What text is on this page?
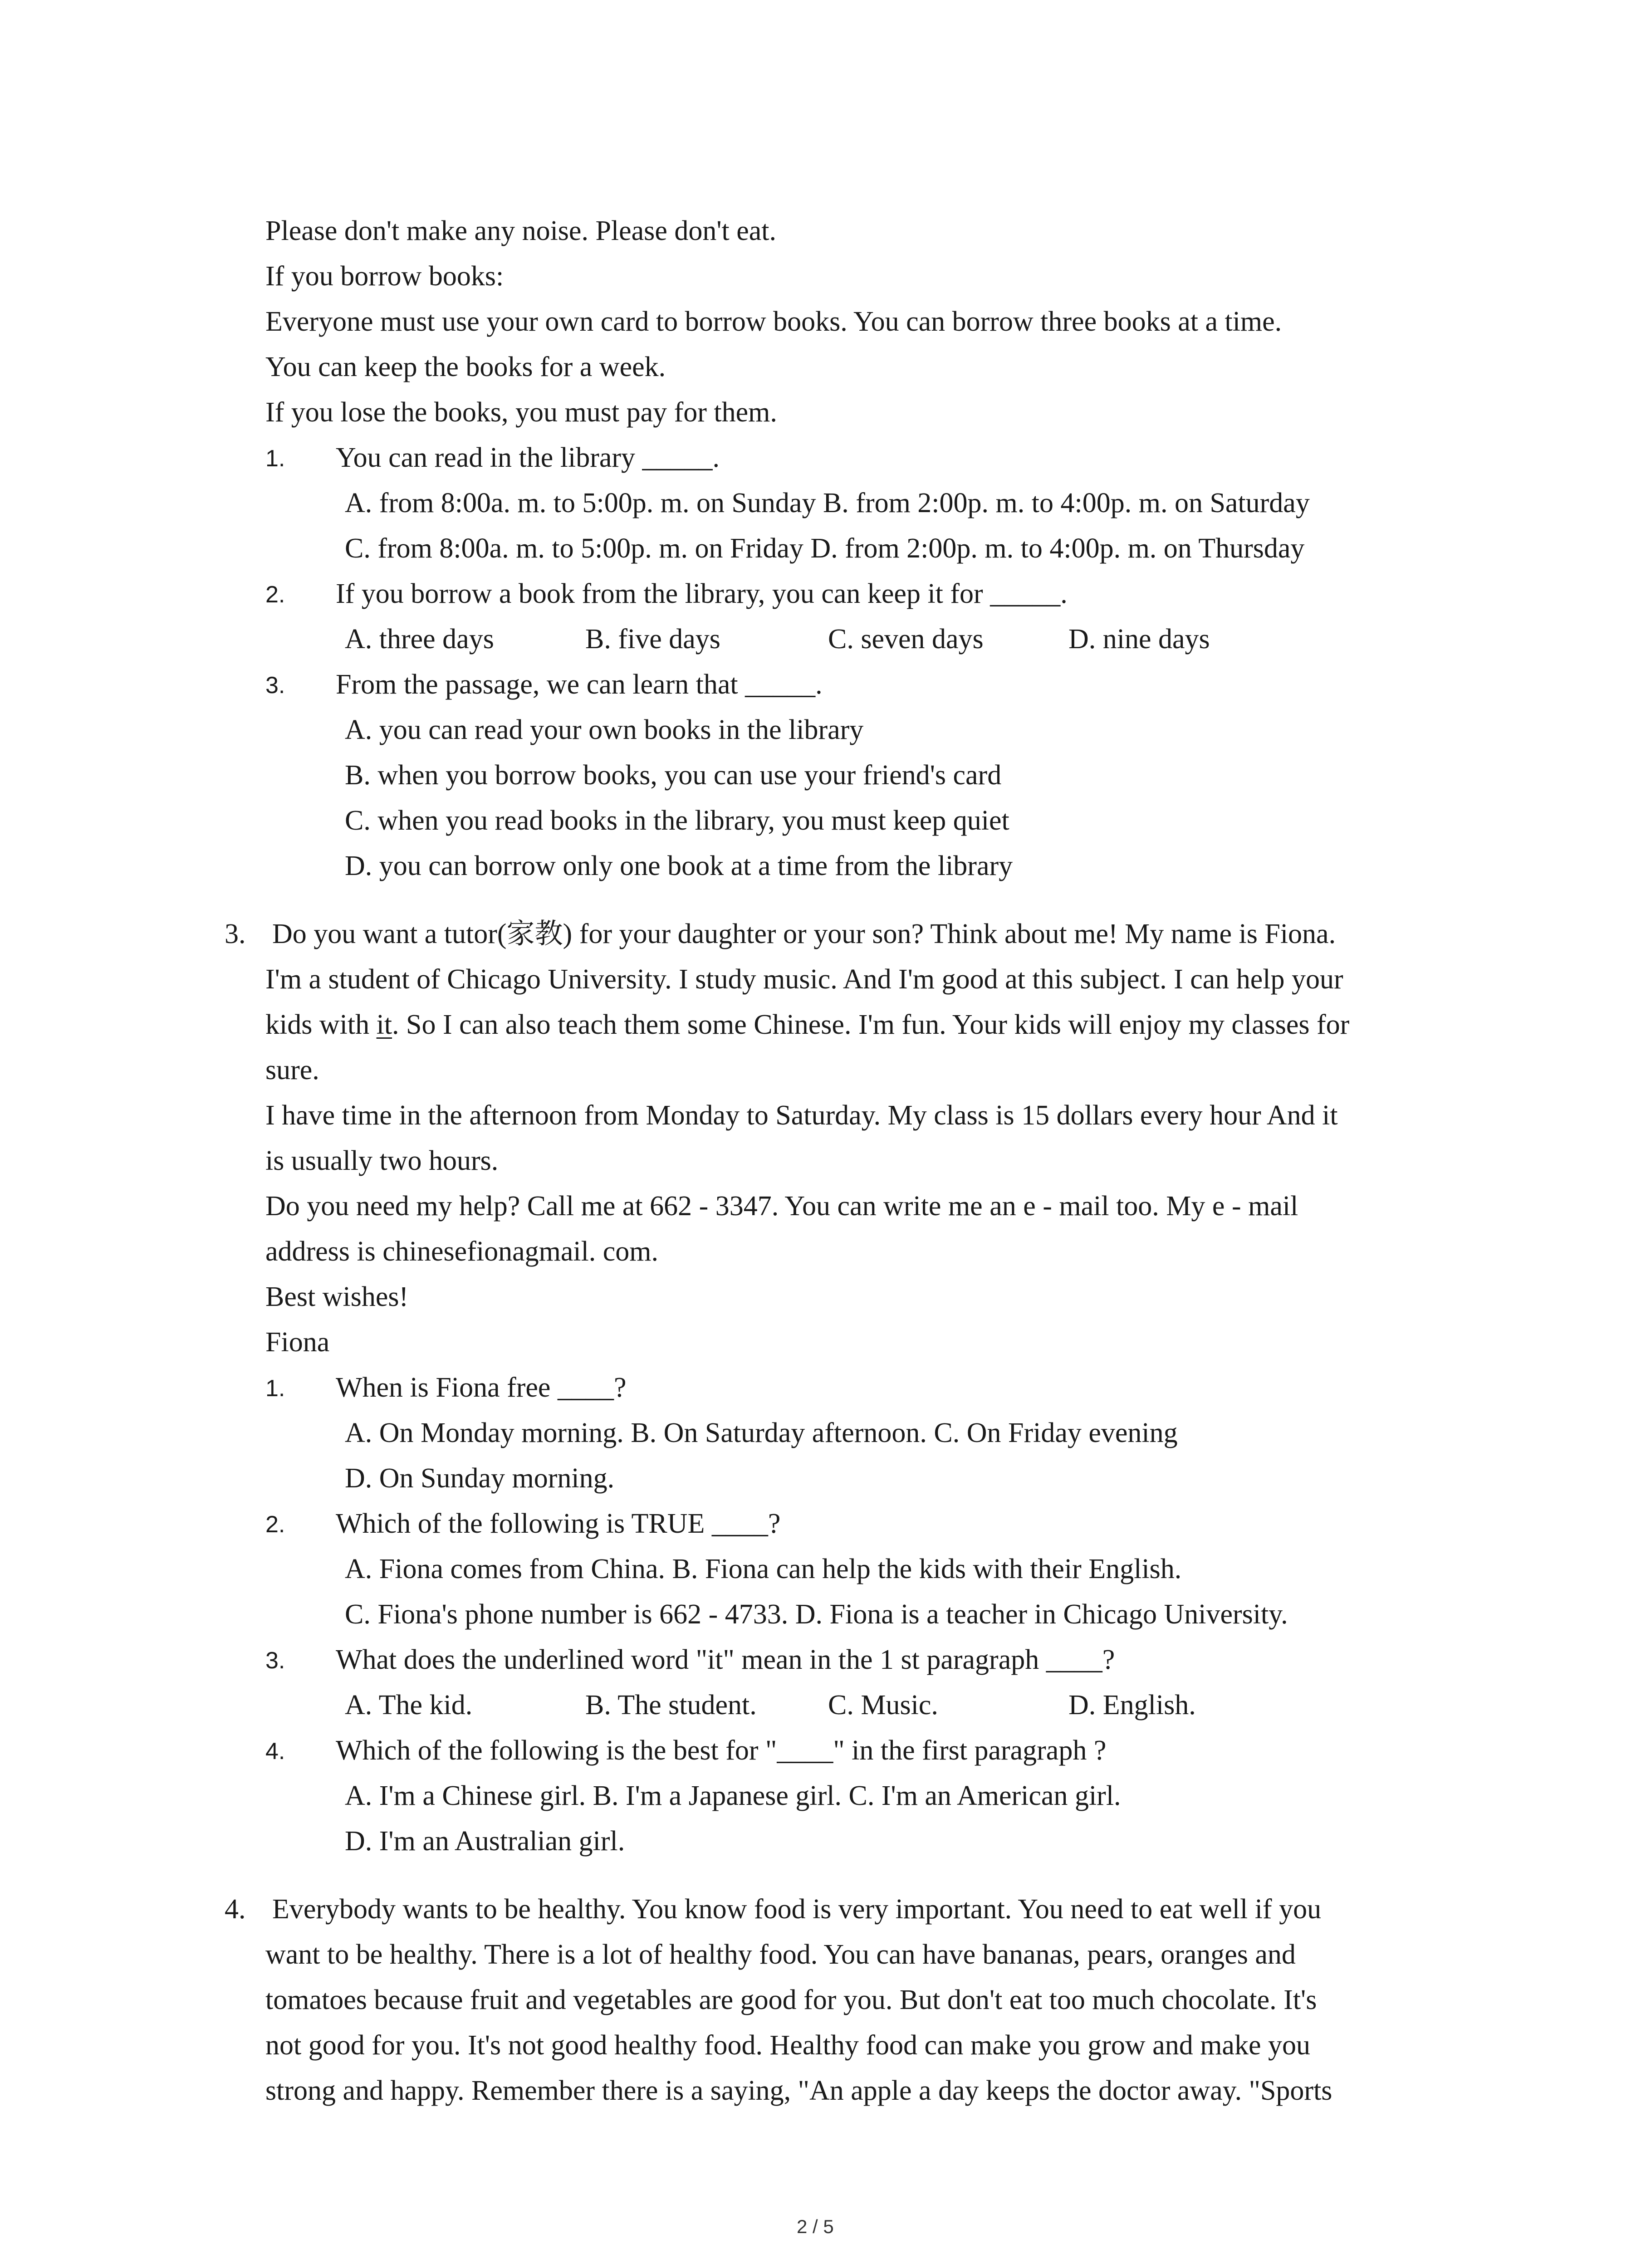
Please don't make any noise. Please don't eat.
If you borrow books:
Everyone must use your own card to borrow books. You can borrow three books at a time.
You can keep the books for a week.
If you lose the books, you must pay for them.
1. You can read in the library _____.
A. from 8:00a. m. to 5:00p. m. on Sunday B. from 2:00p. m. to 4:00p. m. on Saturday
C. from 8:00a. m. to 5:00p. m. on Friday D. from 2:00p. m. to 4:00p. m. on Thursday
2. If you borrow a book from the library, you can keep it for _____.
A. three days	B. five days	C. seven days	D. nine days
3. From the passage, we can learn that _____.
A. you can read your own books in the library
B. when you borrow books, you can use your friend's card
C. when you read books in the library, you must keep quiet
D. you can borrow only one book at a time from the library
3. Do you want a tutor(家教) for your daughter or your son? Think about me! My name is Fiona.
I'm a student of Chicago University. I study music. And I'm good at this subject. I can help your
kids with it. So I can also teach them some Chinese. I'm fun. Your kids will enjoy my classes for
sure.
I have time in the afternoon from Monday to Saturday. My class is 15 dollars every hour And it
is usually two hours.
Do you need my help? Call me at 662 - 3347. You can write me an e - mail too. My e - mail
address is chinesefionagmail. com.
Best wishes!
Fiona
1. When is Fiona free ____?
A. On Monday morning. B. On Saturday afternoon. C. On Friday evening
D. On Sunday morning.
2. Which of the following is TRUE ____?
A. Fiona comes from China. B. Fiona can help the kids with their English.
C. Fiona's phone number is 662 - 4733. D. Fiona is a teacher in Chicago University.
3. What does the underlined word "it" mean in the 1 st paragraph ____?
A. The kid.	B. The student.	C. Music.	D. English.
4. Which of the following is the best for "____" in the first paragraph ?
A. I'm a Chinese girl. B. I'm a Japanese girl. C. I'm an American girl.
D. I'm an Australian girl.
4. Everybody wants to be healthy. You know food is very important. You need to eat well if you
want to be healthy. There is a lot of healthy food. You can have bananas, pears, oranges and
tomatoes because fruit and vegetables are good for you. But don't eat too much chocolate. It's
not good for you. It's not good healthy food. Healthy food can make you grow and make you
strong and happy. Remember there is a saying, "An apple a day keeps the doctor away. "Sports
2 / 5
